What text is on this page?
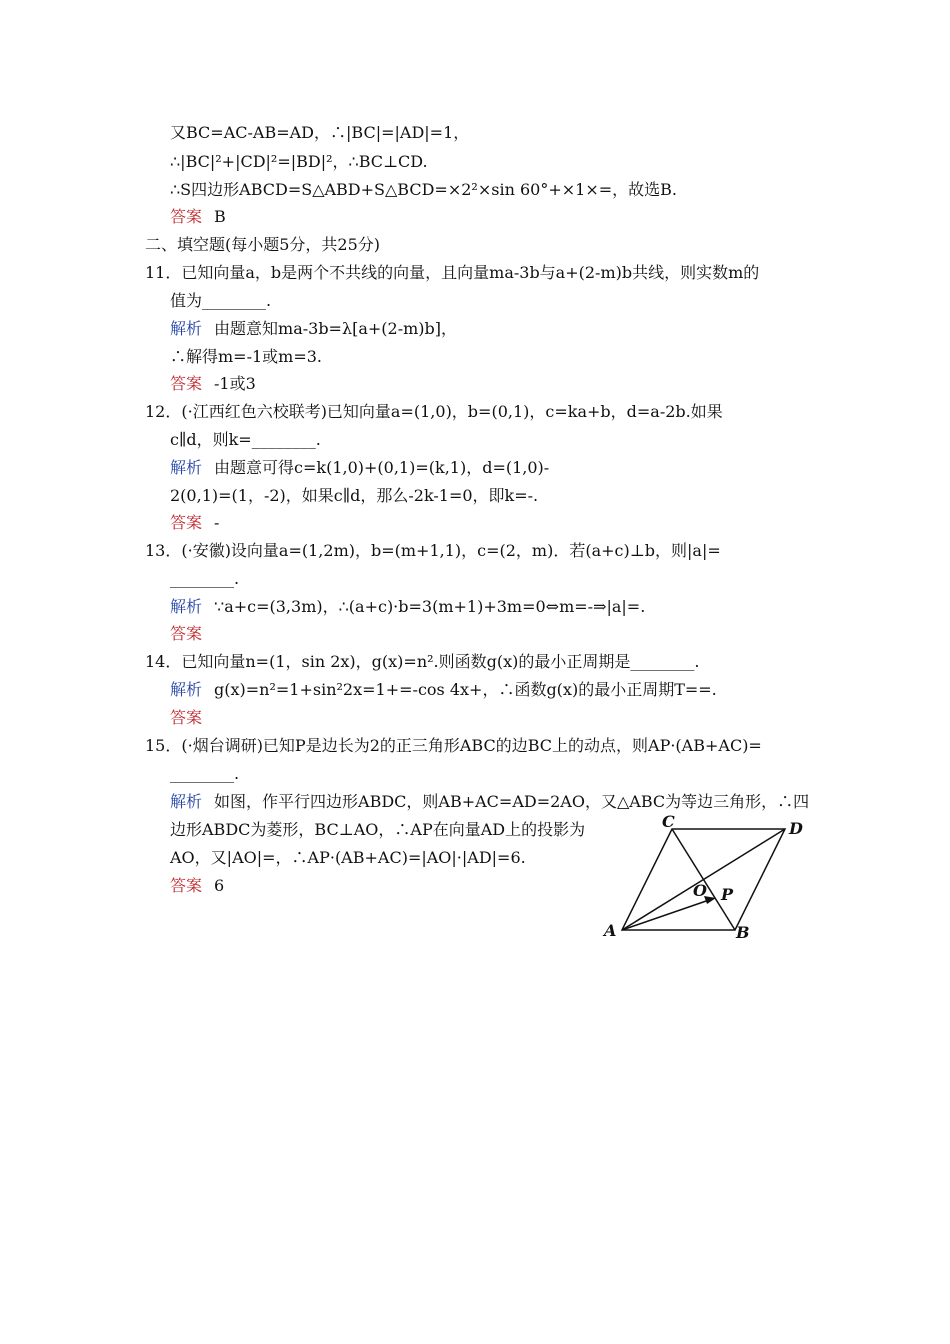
又BC=AC-AB=AD，∴|BC|=|AD|=1，
∴|BC|²+|CD|²=|BD|²，∴BC⊥CD.
∴S四边形ABCD=S△ABD+S△BCD=×2²×sin 60°+×1×=，故选B.
答案 B
二、填空题(每小题5分，共25分)
11．已知向量a，b是两个不共线的向量，且向量ma-3b与a+(2-m)b共线，则实数m的
值为________.
解析 由题意知ma-3b=λ[a+(2-m)b]，
∴解得m=-1或m=3.
答案 -1或3
12．(·江西红色六校联考)已知向量a=(1,0)，b=(0,1)，c=ka+b，d=a-2b.如果
c∥d，则k=________.
解析 由题意可得c=k(1,0)+(0,1)=(k,1)，d=(1,0)-
2(0,1)=(1，-2)，如果c∥d，那么-2k-1=0，即k=-.
答案 -
13．(·安徽)设向量a=(1,2m)，b=(m+1,1)，c=(2，m)．若(a+c)⊥b，则|a|=
________.
解析 ∵a+c=(3,3m)，∴(a+c)·b=3(m+1)+3m=0⇔m=-⇒|a|=.
答案
14．已知向量n=(1，sin 2x)，g(x)=n².则函数g(x)的最小正周期是________.
解析 g(x)=n²=1+sin²2x=1+=-cos 4x+，∴函数g(x)的最小正周期T==.
答案
15．(·烟台调研)已知P是边长为2的正三角形ABC的边BC上的动点，则AP·(AB+AC)=
________.
解析 如图，作平行四边形ABDC，则AB+AC=AD=2AO，又△ABC为等边三角形，∴四
边形ABDC为菱形，BC⊥AO，∴AP在向量AD上的投影为
AO，又|AO|=，∴AP·(AB+AC)=|AO|·|AD|=6.
答案 6
C	D
O P
A	B
